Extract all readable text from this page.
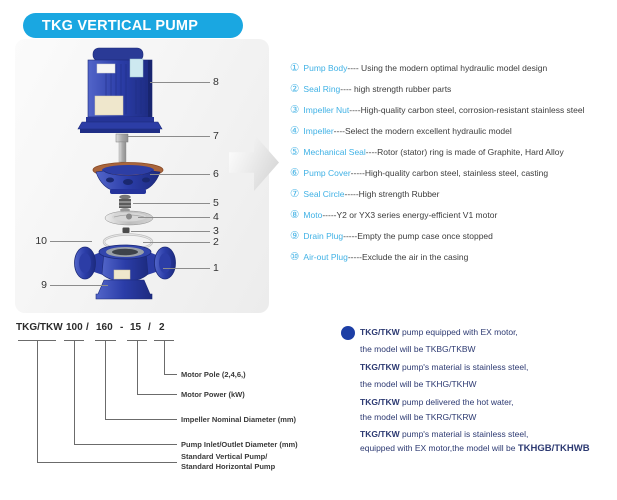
TKG VERTICAL PUMP
8
7
6
5
4
3
2
1
10
9
① Pump Body ---- Using the modern optimal hydraulic model design
② Seal Ring ---- high strength rubber parts
③ Impeller Nut ----High-quality carbon steel, corrosion-resistant stainless steel
④ Impeller ----Select the modern excellent hydraulic model
⑤ Mechanical Seal ----Rotor (stator) ring is made of Graphite, Hard Alloy
⑥ Pump Cover -----High-quality carbon steel, stainless steel, casting
⑦ Seal Circle -----High strength Rubber
⑧ Moto -----Y2 or YX3 series energy-efficient V1 motor
⑨ Drain Plug -----Empty the pump case once stopped
⑩ Air-out Plug -----Exclude the air in the casing
TKG/TKW 100 / 160 - 15 / 2
Motor Pole (2,4,6,)
Motor Power (kW)
Impeller Nominal Diameter (mm)
Pump Inlet/Outlet Diameter (mm)
Standard Vertical Pump/
Standard Horizontal Pump
TKG/TKW pump equipped with EX motor,
the model will be TKBG/TKBW
TKG/TKW pump's material is stainless steel,
the model will be TKHG/TKHW
TKG/TKW pump delivered the hot water,
the model will be TKRG/TKRW
TKG/TKW pump's material is stainless steel,
equipped with EX motor,the model will be TKHGB/TKHWB
